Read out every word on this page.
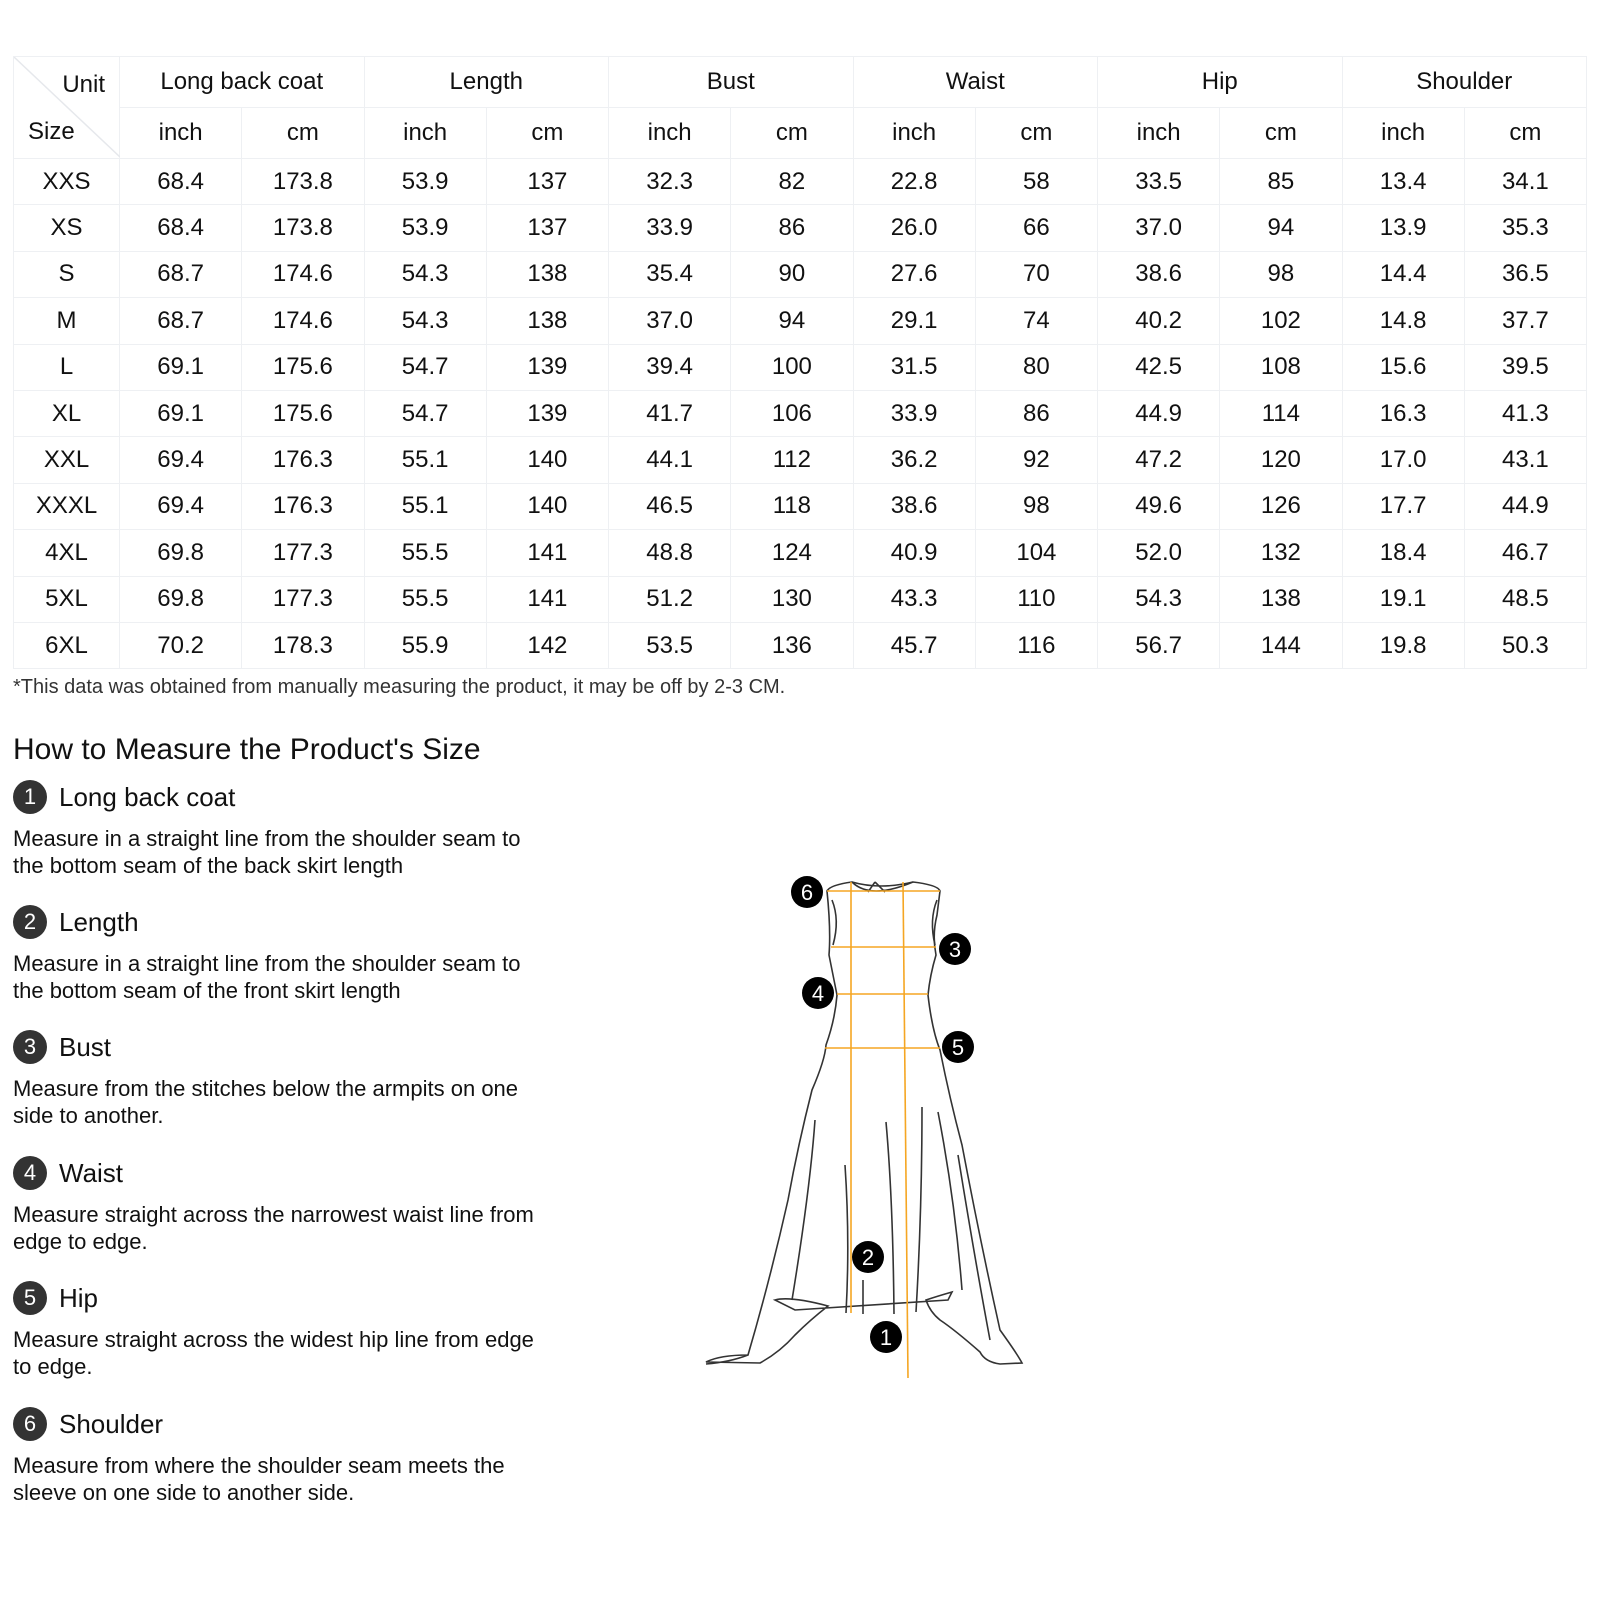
Unit
Size	Long back coat		Length		Bust		Waist		Hip		Shoulder	
	inch	cm	inch	cm	inch	cm	inch	cm	inch	cm	inch	cm
XXS	68.4	173.8	53.9	137	32.3	82	22.8	58	33.5	85	13.4	34.1
XS	68.4	173.8	53.9	137	33.9	86	26.0	66	37.0	94	13.9	35.3
S	68.7	174.6	54.3	138	35.4	90	27.6	70	38.6	98	14.4	36.5
M	68.7	174.6	54.3	138	37.0	94	29.1	74	40.2	102	14.8	37.7
L	69.1	175.6	54.7	139	39.4	100	31.5	80	42.5	108	15.6	39.5
XL	69.1	175.6	54.7	139	41.7	106	33.9	86	44.9	114	16.3	41.3
XXL	69.4	176.3	55.1	140	44.1	112	36.2	92	47.2	120	17.0	43.1
XXXL	69.4	176.3	55.1	140	46.5	118	38.6	98	49.6	126	17.7	44.9
4XL	69.8	177.3	55.5	141	48.8	124	40.9	104	52.0	132	18.4	46.7
5XL	69.8	177.3	55.5	141	51.2	130	43.3	110	54.3	138	19.1	48.5
6XL	70.2	178.3	55.9	142	53.5	136	45.7	116	56.7	144	19.8	50.3
*This data was obtained from manually measuring the product, it may be off by 2-3 CM.
How to Measure the Product's Size
1 Long back coat
Measure in a straight line from the shoulder seam to
the bottom seam of the back skirt length
2 Length
Measure in a straight line from the shoulder seam to
the bottom seam of the front skirt length
3 Bust
Measure from the stitches below the armpits on one
side to another.
4 Waist
Measure straight across the narrowest waist line from
edge to edge.
5 Hip
Measure straight across the widest hip line from edge
to edge.
6 Shoulder
Measure from where the shoulder seam meets the
sleeve on one side to another side.
1
2
3
4
5
6
